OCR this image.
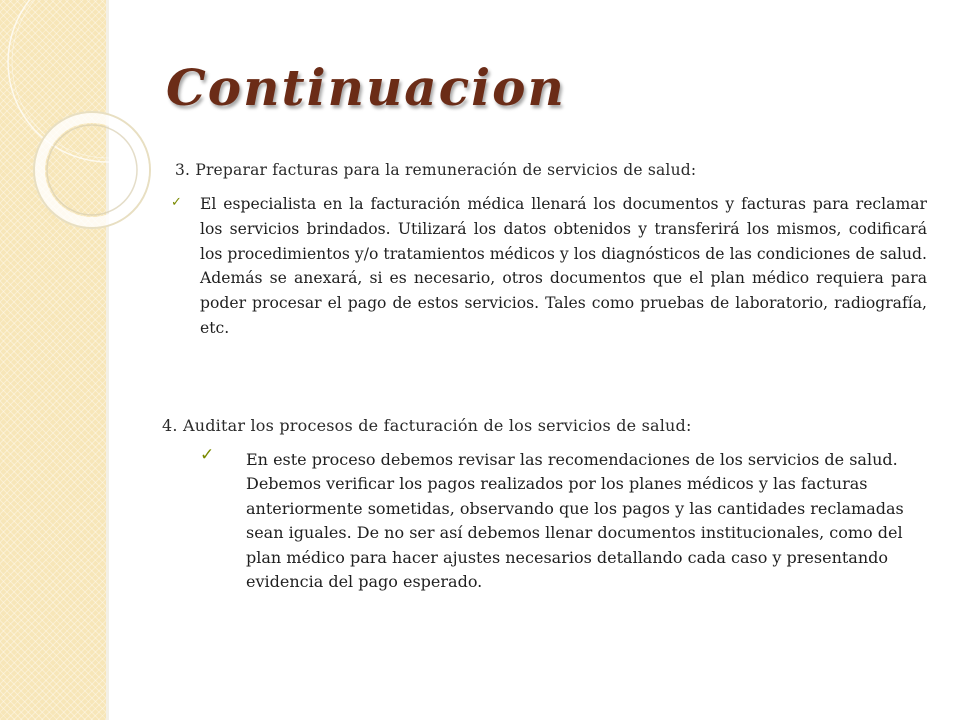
Continuacion

3. Preparar facturas para la remuneración de servicios de salud:

✓ El especialista en la facturación médica llenará los documentos y facturas para reclamar los servicios brindados. Utilizará los datos obtenidos y transferirá los mismos, codificará los procedimientos y/o tratamientos médicos y los diagnósticos de las condiciones de salud. Además se anexará, si es necesario, otros documentos que el plan médico requiera para poder procesar el pago de estos servicios. Tales como pruebas de laboratorio, radiografía, etc.

4. Auditar los procesos de facturación de los servicios de salud:

✓ En este proceso debemos revisar las recomendaciones de los servicios de salud. Debemos verificar los pagos realizados por los planes médicos y las facturas anteriormente sometidas, observando que los pagos y las cantidades reclamadas sean iguales. De no ser así debemos llenar documentos institucionales, como del plan médico para hacer ajustes necesarios detallando cada caso y presentando evidencia del pago esperado.
